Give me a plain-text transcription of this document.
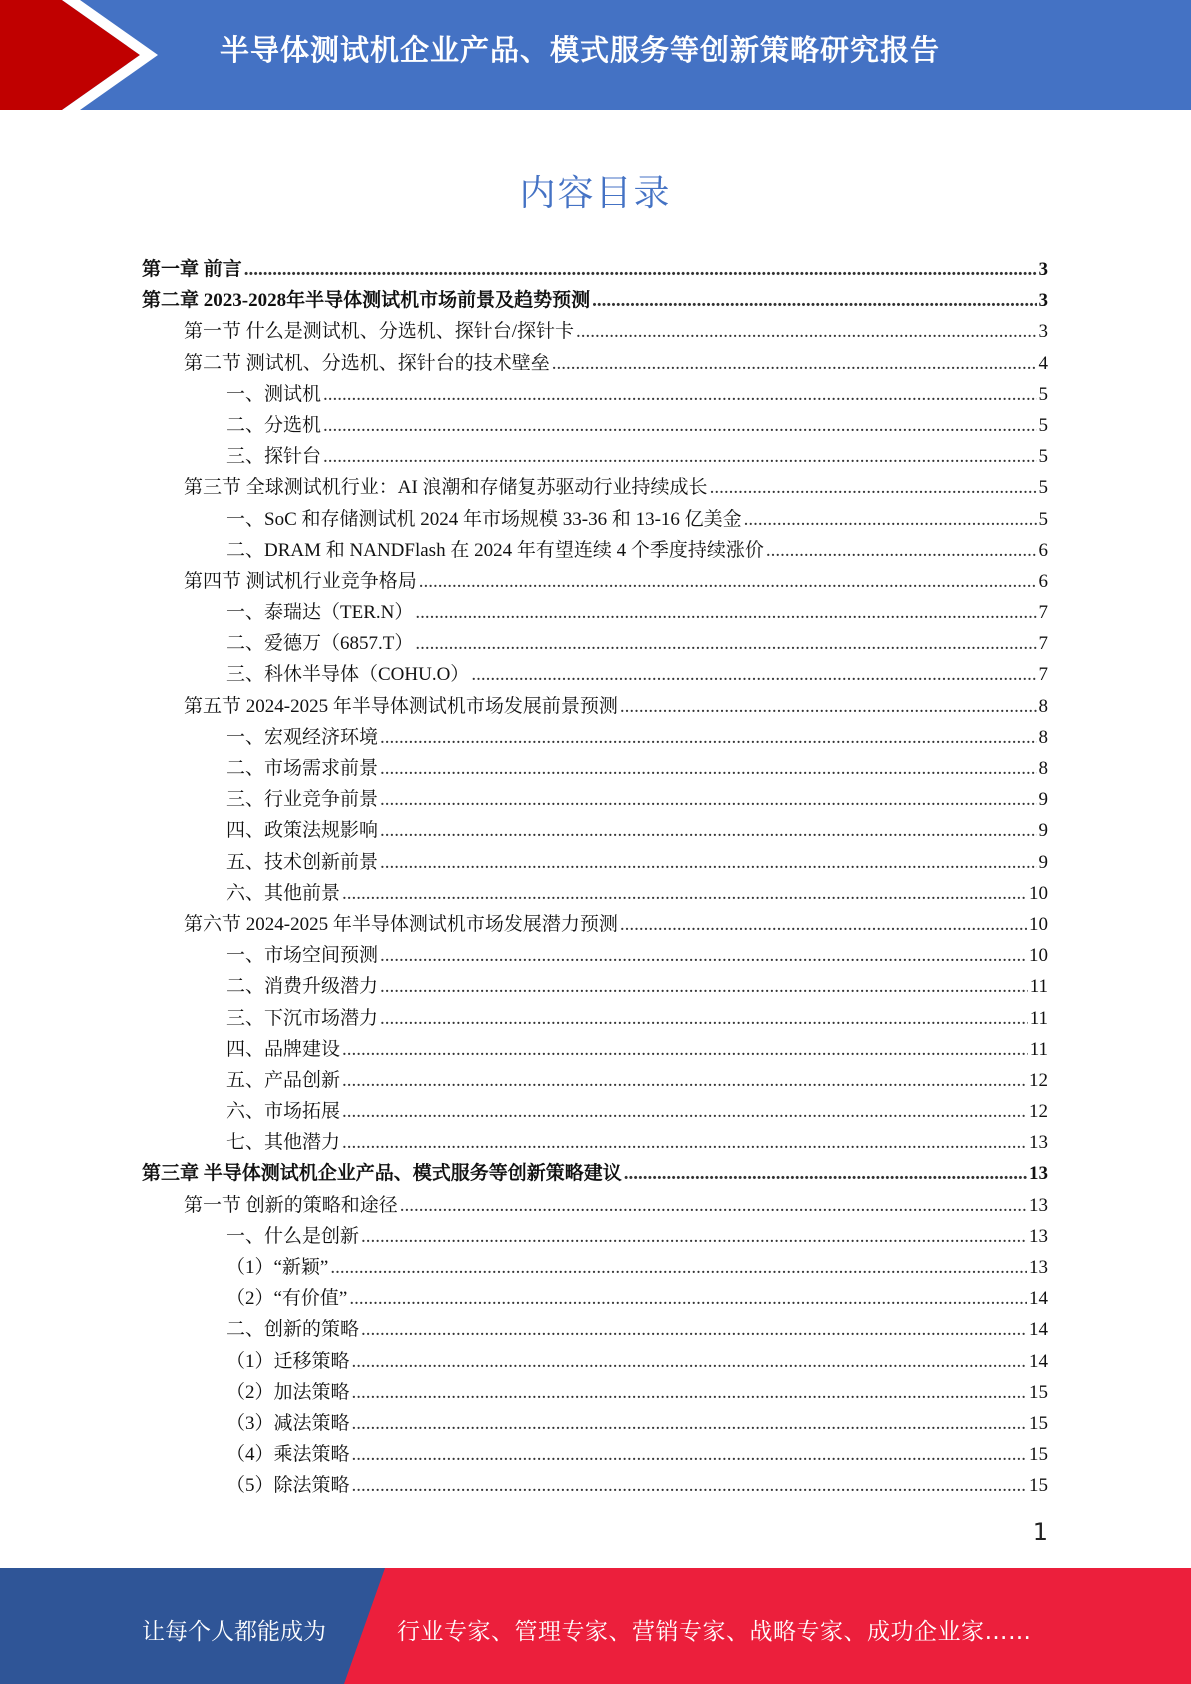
半导体测试机企业产品、模式服务等创新策略研究报告
内容目录
第一章 前言 .....	3
第二章 2023-2028年半导体测试机市场前景及趋势预测 .....	3
第一节 什么是测试机、分选机、探针台/探针卡 .....	3
第二节 测试机、分选机、探针台的技术壁垒 .....	4
一、测试机 .....	5
二、分选机 .....	5
三、探针台 .....	5
第三节 全球测试机行业：AI 浪潮和存储复苏驱动行业持续成长 .....	5
一、SoC 和存储测试机 2024 年市场规模 33-36 和 13-16 亿美金 .....	5
二、DRAM 和 NANDFlash 在 2024 年有望连续 4 个季度持续涨价 .....	6
第四节 测试机行业竞争格局 .....	6
一、泰瑞达（TER.N） .....	7
二、爱德万（6857.T） .....	7
三、科休半导体（COHU.O） .....	7
第五节 2024-2025 年半导体测试机市场发展前景预测 .....	8
一、宏观经济环境 .....	8
二、市场需求前景 .....	8
三、行业竞争前景 .....	9
四、政策法规影响 .....	9
五、技术创新前景 .....	9
六、其他前景 .....	10
第六节 2024-2025 年半导体测试机市场发展潜力预测 .....	10
一、市场空间预测 .....	10
二、消费升级潜力 .....	11
三、下沉市场潜力 .....	11
四、品牌建设 .....	11
五、产品创新 .....	12
六、市场拓展 .....	12
七、其他潜力 .....	13
第三章 半导体测试机企业产品、模式服务等创新策略建议 .....	13
第一节 创新的策略和途径 .....	13
一、什么是创新 .....	13
（1）“新颖” .....	13
（2）“有价值” .....	14
二、创新的策略 .....	14
（1）迁移策略 .....	14
（2）加法策略 .....	15
（3）减法策略 .....	15
（4）乘法策略 .....	15
（5）除法策略 .....	15
1
让每个人都能成为	行业专家、管理专家、营销专家、战略专家、成功企业家……
